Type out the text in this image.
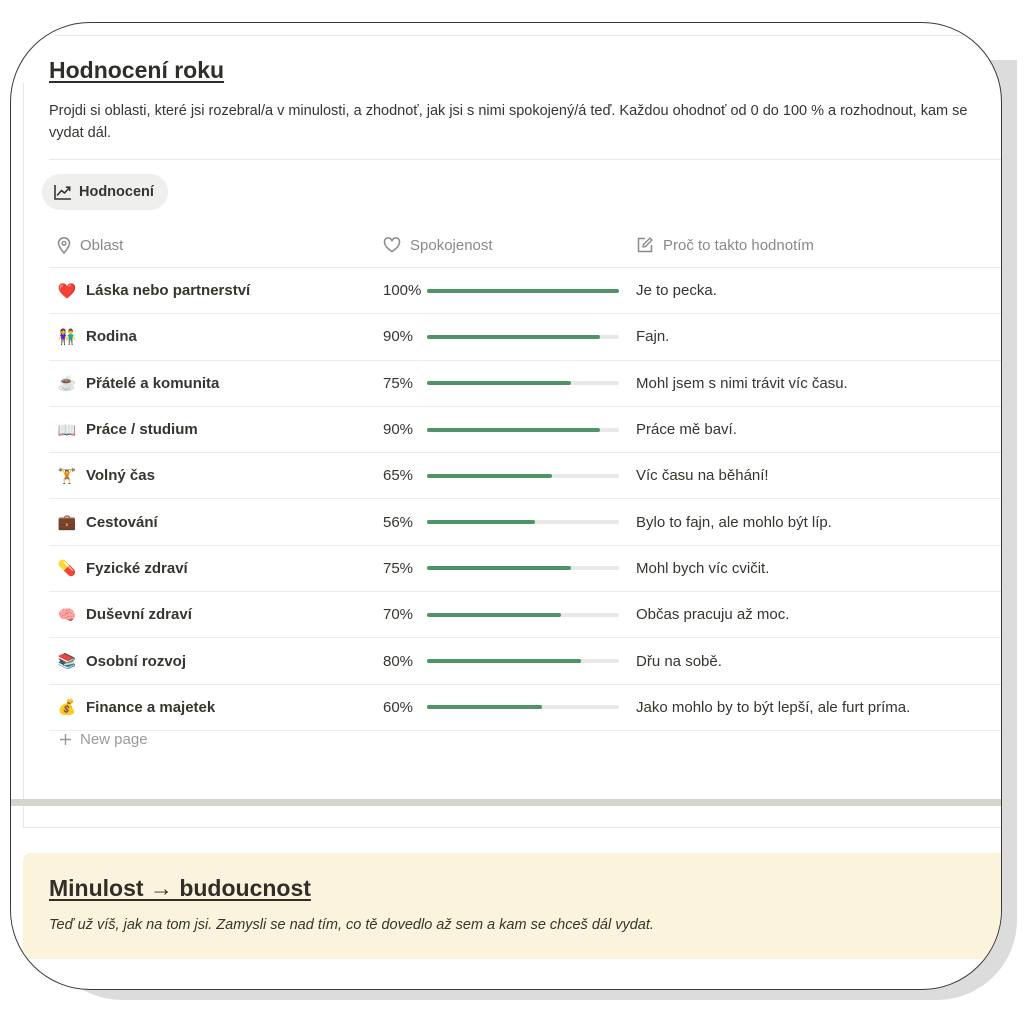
Hodnocení roku
Projdi si oblasti, které jsi rozebral/a v minulosti, a zhodnoť, jak jsi s nimi spokojený/á teď. Každou ohodnoť od 0 do 100 % a rozhodnout, kam se vydat dál.
Hodnocení
Oblast	Spokojenost	Proč to takto hodnotím
❤️ Láska nebo partnerství	100%	Je to pecka.
👫 Rodina	90%	Fajn.
☕ Přátelé a komunita	75%	Mohl jsem s nimi trávit víc času.
📖 Práce / studium	90%	Práce mě baví.
🏋️ Volný čas	65%	Víc času na běhání!
💼 Cestování	56%	Bylo to fajn, ale mohlo být líp.
💊 Fyzické zdraví	75%	Mohl bych víc cvičit.
🧠 Duševní zdraví	70%	Občas pracuju až moc.
📚 Osobní rozvoj	80%	Dřu na sobě.
💰 Finance a majetek	60%	Jako mohlo by to být lepší, ale furt príma.
New page
Minulost → budoucnost
Teď už víš, jak na tom jsi. Zamysli se nad tím, co tě dovedlo až sem a kam se chceš dál vydat.
